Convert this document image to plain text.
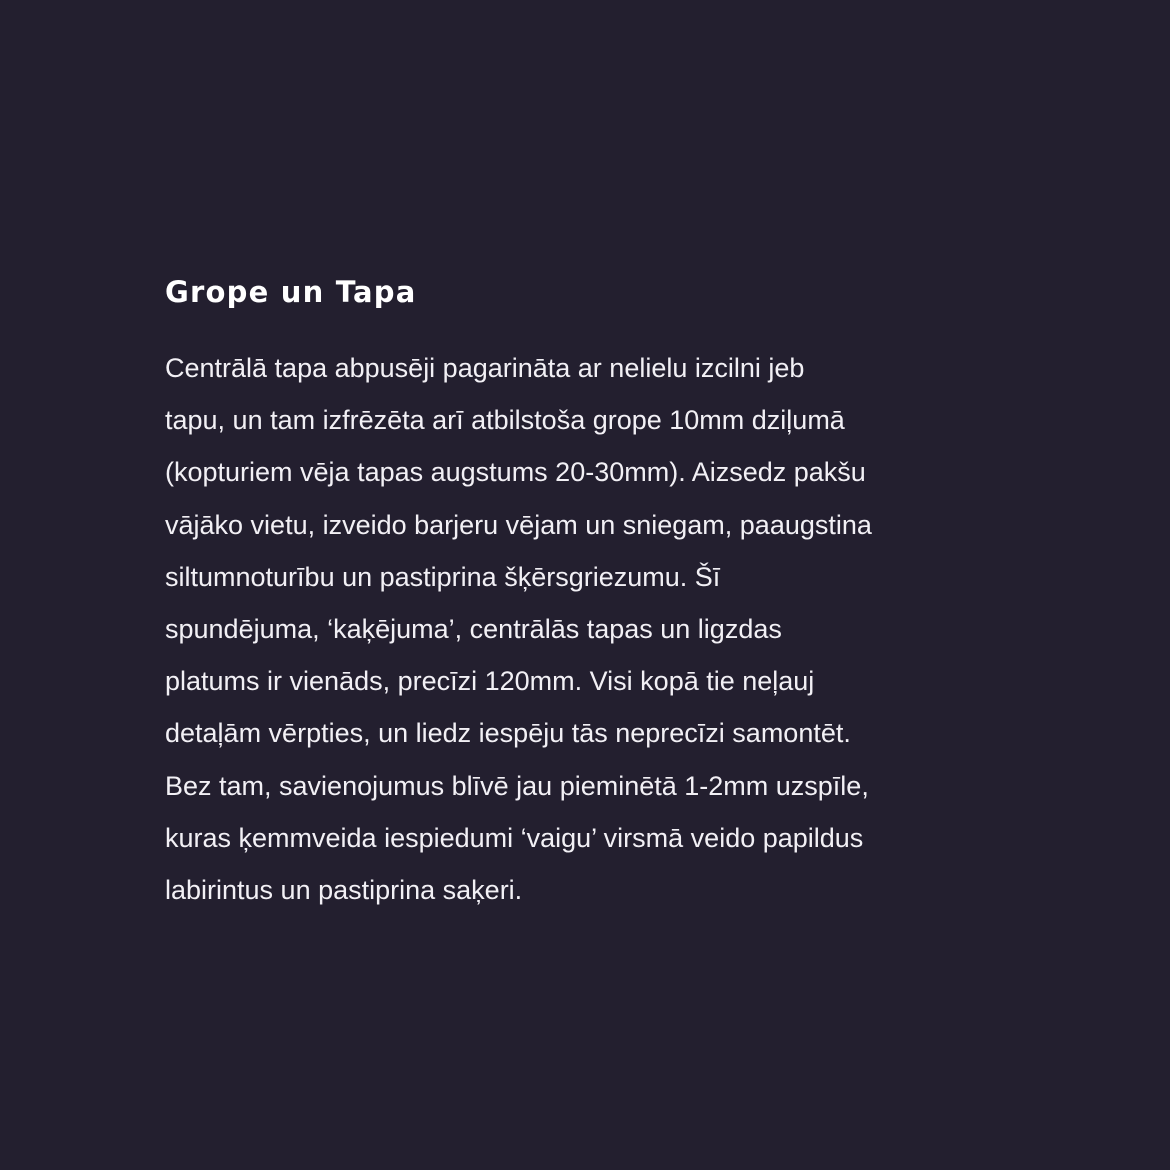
Grope un Tapa

Centrālā tapa abpusēji pagarināta ar nelielu izcilni jeb
tapu, un tam izfrēzēta arī atbilstoša grope 10mm dziļumā
(kopturiem vēja tapas augstums 20-30mm). Aizsedz pakšu
vājāko vietu, izveido barjeru vējam un sniegam, paaugstina
siltumnoturību un pastiprina šķērsgriezumu. Šī
spundējuma, ‘kaķējuma’, centrālās tapas un ligzdas
platums ir vienāds, precīzi 120mm. Visi kopā tie neļauj
detaļām vērpties, un liedz iespēju tās neprecīzi samontēt.
Bez tam, savienojumus blīvē jau pieminētā 1-2mm uzspīle,
kuras ķemmveida iespiedumi ‘vaigu’ virsmā veido papildus
labirintus un pastiprina saķeri.
